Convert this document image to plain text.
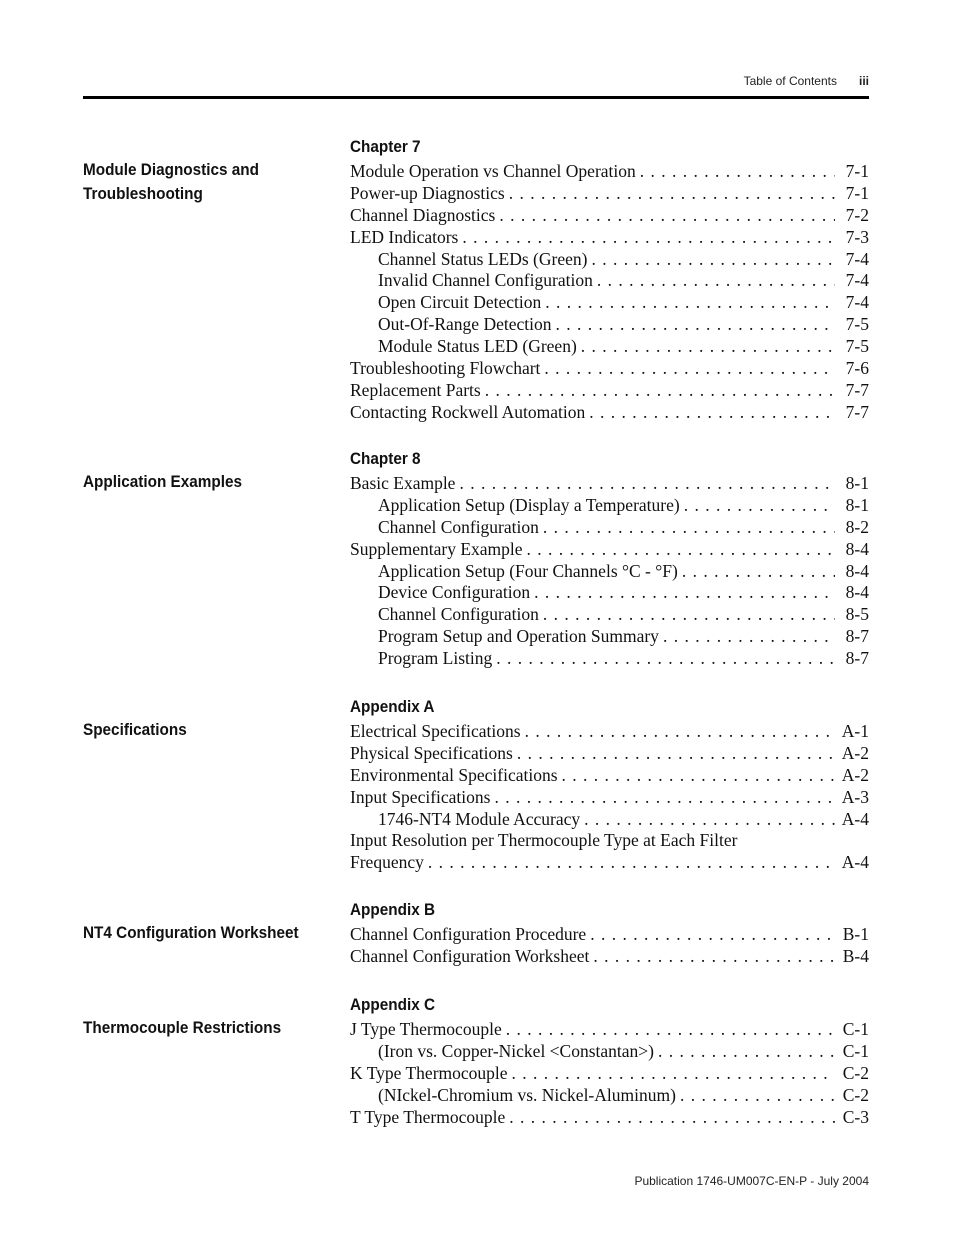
Table of Contents iii
Chapter 7
Module Diagnostics and
Troubleshooting
Module Operation vs Channel Operation . . .	7-1
Power-up Diagnostics . . .	7-1
Channel Diagnostics . . .	7-2
LED Indicators . . .	7-3
Channel Status LEDs (Green) . . .	7-4
Invalid Channel Configuration . . .	7-4
Open Circuit Detection . . .	7-4
Out-Of-Range Detection . . .	7-5
Module Status LED (Green) . . .	7-5
Troubleshooting Flowchart . . .	7-6
Replacement Parts . . .	7-7
Contacting Rockwell Automation . . .	7-7
Chapter 8
Application Examples	Basic Example . . .	8-1
Application Setup (Display a Temperature) . . .	8-1
Channel Configuration . . .	8-2
Supplementary Example . . .	8-4
Application Setup (Four Channels °C - °F) . . .	8-4
Device Configuration . . .	8-4
Channel Configuration . . .	8-5
Program Setup and Operation Summary . . .	8-7
Program Listing . . .	8-7
Appendix A
Specifications	Electrical Specifications . . .	A-1
Physical Specifications . . .	A-2
Environmental Specifications . . .	A-2
Input Specifications . . .	A-3
1746-NT4 Module Accuracy . . .	A-4
Input Resolution per Thermocouple Type at Each Filter
Frequency . . .	A-4
Appendix B
NT4 Configuration Worksheet	Channel Configuration Procedure . . .	B-1
Channel Configuration Worksheet . . .	B-4
Appendix C
Thermocouple Restrictions	J Type Thermocouple . . .	C-1
(Iron vs. Copper-Nickel <Constantan>) . . .	C-1
K Type Thermocouple . . .	C-2
(NIckel-Chromium vs. Nickel-Aluminum) . . .	C-2
T Type Thermocouple . . .	C-3
Publication 1746-UM007C-EN-P - July 2004
